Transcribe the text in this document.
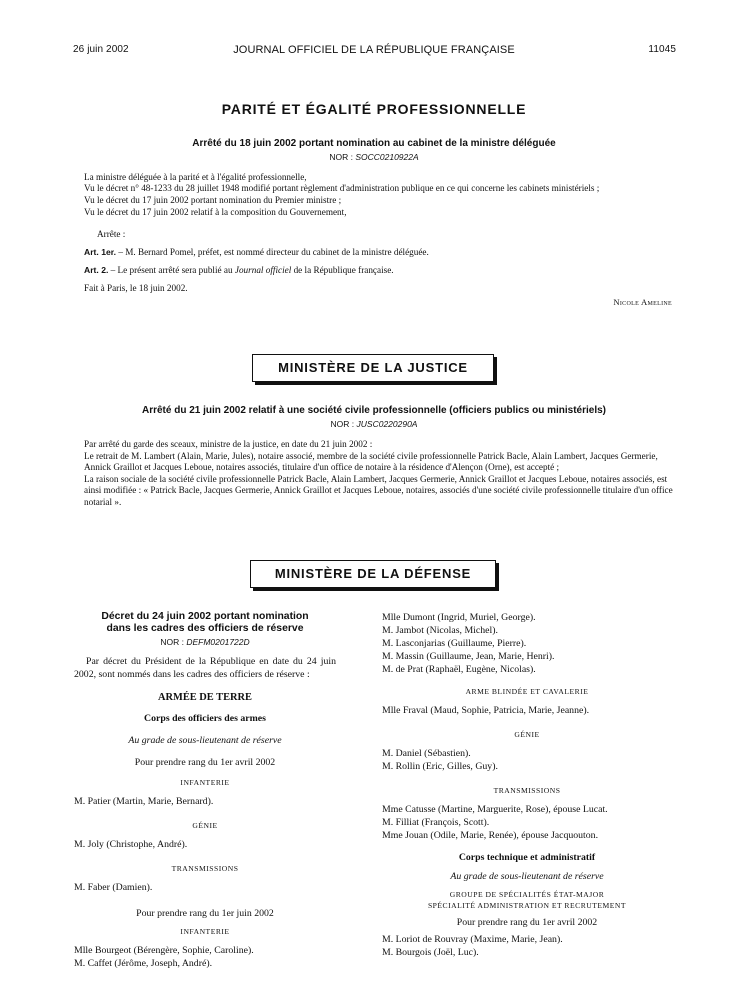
26 juin 2002	JOURNAL OFFICIEL DE LA RÉPUBLIQUE FRANÇAISE	11045
PARITÉ ET ÉGALITÉ PROFESSIONNELLE
Arrêté du 18 juin 2002 portant nomination au cabinet de la ministre déléguée
NOR : SOCC0210922A

La ministre déléguée à la parité et à l'égalité professionnelle,

Vu le décret n° 48-1233 du 28 juillet 1948 modifié portant règlement d'administration publique en ce qui concerne les cabinets ministériels ;

Vu le décret du 17 juin 2002 portant nomination du Premier ministre ;

Vu le décret du 17 juin 2002 relatif à la composition du Gouvernement,

Arrête :

Art. 1er. – M. Bernard Pomel, préfet, est nommé directeur du cabinet de la ministre déléguée.

Art. 2. – Le présent arrêté sera publié au Journal officiel de la République française.

Fait à Paris, le 18 juin 2002.

Nicole Ameline
MINISTÈRE DE LA JUSTICE
Arrêté du 21 juin 2002 relatif à une société civile professionnelle (officiers publics ou ministériels)
NOR : JUSC0220290A

Par arrêté du garde des sceaux, ministre de la justice, en date du 21 juin 2002 :

Le retrait de M. Lambert (Alain, Marie, Jules), notaire associé, membre de la société civile professionnelle Patrick Bacle, Alain Lambert, Jacques Germerie, Annick Graillot et Jacques Leboue, notaires associés, titulaire d'un office de notaire à la résidence d'Alençon (Orne), est accepté ;

La raison sociale de la société civile professionnelle Patrick Bacle, Alain Lambert, Jacques Germerie, Annick Graillot et Jacques Leboue, notaires associés, est ainsi modifiée : « Patrick Bacle, Jacques Germerie, Annick Graillot et Jacques Leboue, notaires, associés d'une société civile professionnelle titulaire d'un office notarial ».

MINISTÈRE DE LA DÉFENSE
Décret du 24 juin 2002 portant nomination
dans les cadres des officiers de réserve
NOR : DEFM0201722D

Par décret du Président de la République en date du 24 juin 2002, sont nommés dans les cadres des officiers de réserve :

ARMÉE DE TERRE

Corps des officiers des armes

Au grade de sous-lieutenant de réserve

Pour prendre rang du 1er avril 2002

INFANTERIE

M. Patier (Martin, Marie, Bernard).

GÉNIE

M. Joly (Christophe, André).

TRANSMISSIONS

M. Faber (Damien).

Pour prendre rang du 1er juin 2002

INFANTERIE

Mlle Bourgeot (Bérengère, Sophie, Caroline).

M. Caffet (Jérôme, Joseph, André).

Mlle Dumont (Ingrid, Muriel, George).

M. Jambot (Nicolas, Michel).

M. Lasconjarias (Guillaume, Pierre).

M. Massin (Guillaume, Jean, Marie, Henri).

M. de Prat (Raphaël, Eugène, Nicolas).

ARME BLINDÉE ET CAVALERIE

Mlle Fraval (Maud, Sophie, Patricia, Marie, Jeanne).

GÉNIE

M. Daniel (Sébastien).

M. Rollin (Eric, Gilles, Guy).

TRANSMISSIONS

Mme Catusse (Martine, Marguerite, Rose), épouse Lucat.

M. Filliat (François, Scott).

Mme Jouan (Odile, Marie, Renée), épouse Jacquouton.

Corps technique et administratif

Au grade de sous-lieutenant de réserve

GROUPE DE SPÉCIALITÉS ÉTAT-MAJOR

SPÉCIALITÉ ADMINISTRATION ET RECRUTEMENT

Pour prendre rang du 1er avril 2002

M. Loriot de Rouvray (Maxime, Marie, Jean).

M. Bourgois (Joël, Luc).
